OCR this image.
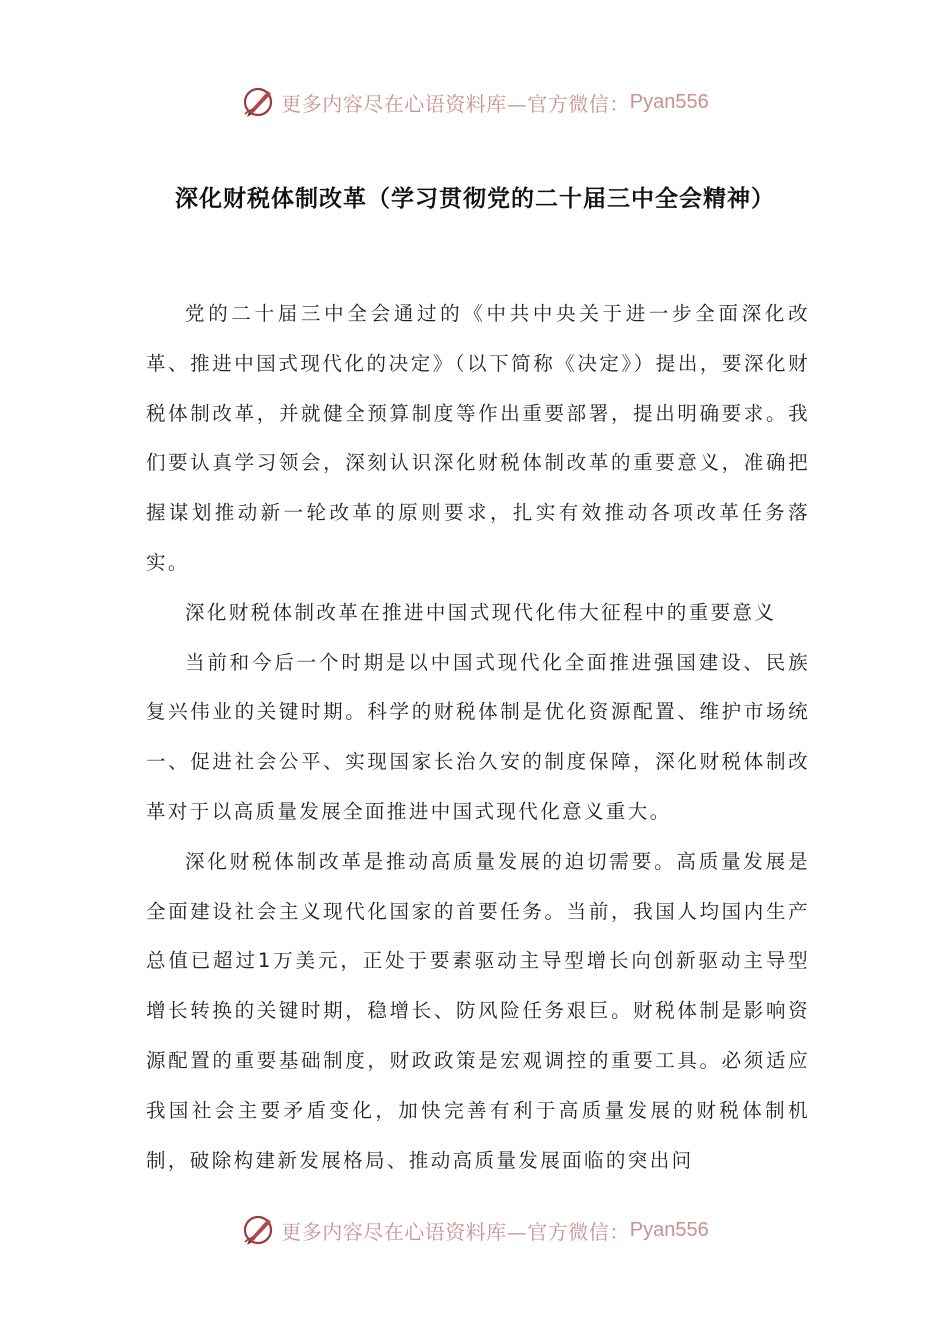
更多内容尽在心语资料库—官方微信： Pyan556
深化财税体制改革（学习贯彻党的二十届三中全会精神）

党的二十届三中全会通过的《中共中央关于进一步全面深化改革、推进中国式现代化的决定》（以下简称《决定》）提出，要深化财税体制改革，并就健全预算制度等作出重要部署，提出明确要求。我们要认真学习领会，深刻认识深化财税体制改革的重要意义，准确把握谋划推动新一轮改革的原则要求，扎实有效推动各项改革任务落实。

深化财税体制改革在推进中国式现代化伟大征程中的重要意义

当前和今后一个时期是以中国式现代化全面推进强国建设、民族复兴伟业的关键时期。科学的财税体制是优化资源配置、维护市场统一、促进社会公平、实现国家长治久安的制度保障，深化财税体制改革对于以高质量发展全面推进中国式现代化意义重大。

深化财税体制改革是推动高质量发展的迫切需要。高质量发展是全面建设社会主义现代化国家的首要任务。当前，我国人均国内生产总值已超过1万美元，正处于要素驱动主导型增长向创新驱动主导型增长转换的关键时期，稳增长、防风险任务艰巨。财税体制是影响资源配置的重要基础制度，财政政策是宏观调控的重要工具。必须适应我国社会主要矛盾变化，加快完善有利于高质量发展的财税体制机制，破除构建新发展格局、推动高质量发展面临的突出问

更多内容尽在心语资料库—官方微信： Pyan556
